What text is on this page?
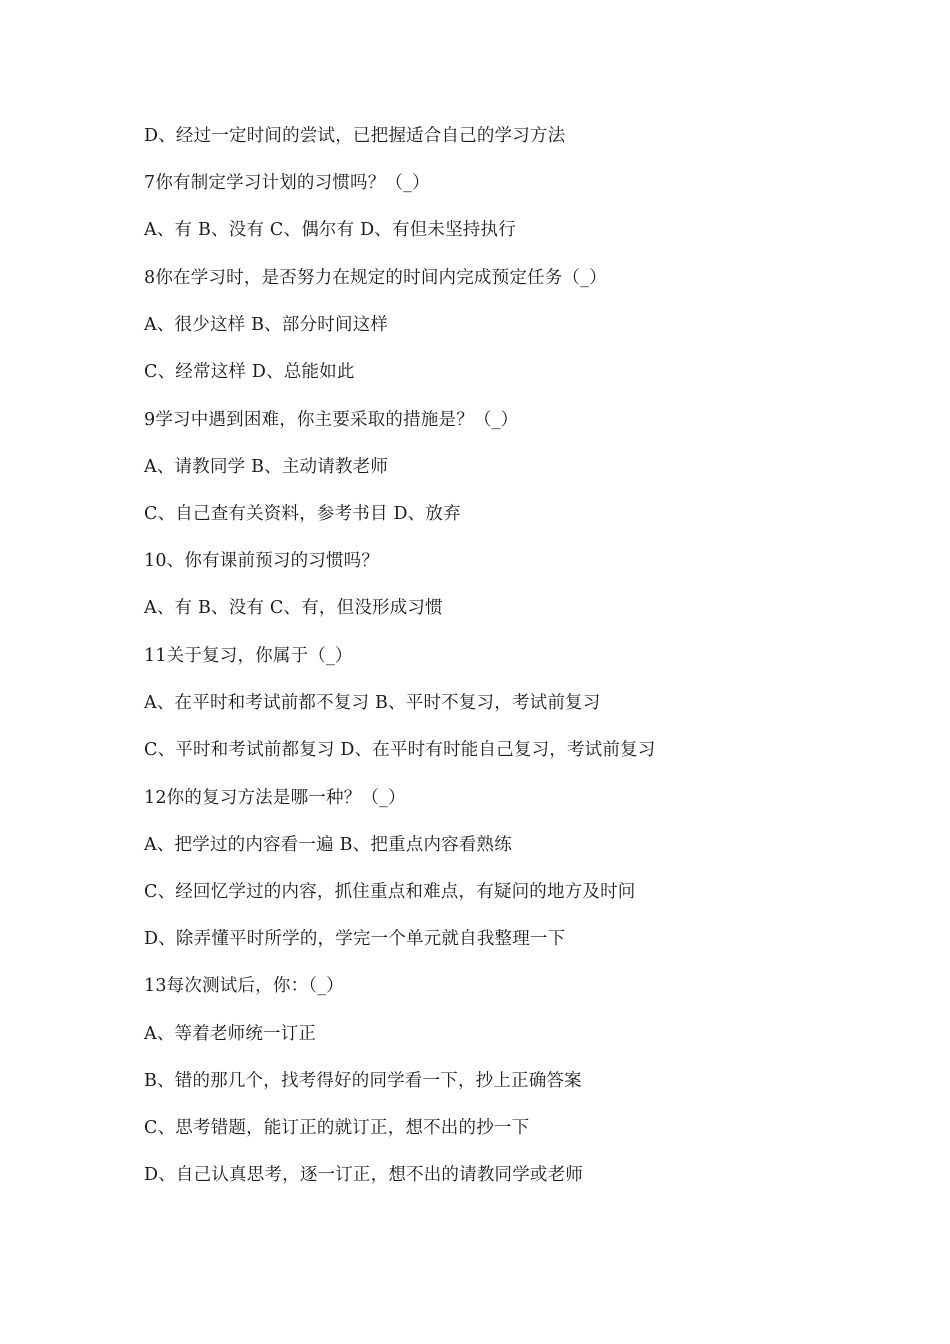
D、经过一定时间的尝试，已把握适合自己的学习方法
7你有制定学习计划的习惯吗？（_）
A、有 B、没有 C、偶尔有 D、有但未坚持执行
8你在学习时，是否努力在规定的时间内完成预定任务（_）
A、很少这样 B、部分时间这样
C、经常这样 D、总能如此
9学习中遇到困难，你主要采取的措施是？（_）
A、请教同学 B、主动请教老师
C、自己查有关资料，参考书目 D、放弃
10、你有课前预习的习惯吗？
A、有 B、没有 C、有，但没形成习惯
11关于复习，你属于（_）
A、在平时和考试前都不复习 B、平时不复习，考试前复习
C、平时和考试前都复习 D、在平时有时能自己复习，考试前复习
12你的复习方法是哪一种？（_）
A、把学过的内容看一遍 B、把重点内容看熟练
C、经回忆学过的内容，抓住重点和难点，有疑问的地方及时问
D、除弄懂平时所学的，学完一个单元就自我整理一下
13每次测试后，你：（_）
A、等着老师统一订正
B、错的那几个，找考得好的同学看一下，抄上正确答案
C、思考错题，能订正的就订正，想不出的抄一下
D、自己认真思考，逐一订正，想不出的请教同学或老师
